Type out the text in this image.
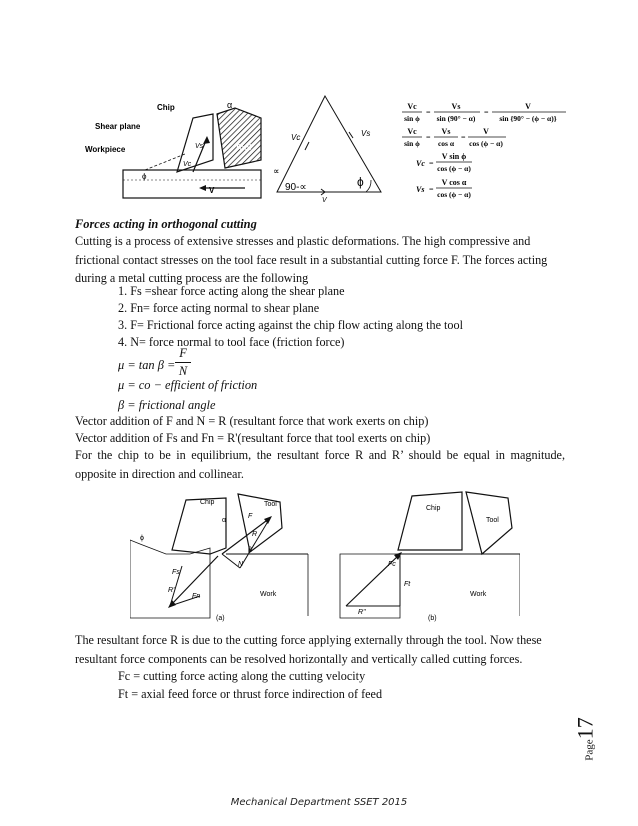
Chip
Shear plane
Workpiece
α
Tool
ϕ
V
Vs
Vc
Vc	Vs
V
∝
90-∝	ϕ
Vc
sin ϕ
=
Vs
sin (90° − α)
=
V
sin {90° − (ϕ − α)}
Vc
sin ϕ
=
Vs
cos α
=
V
cos (ϕ − α)
Vc =
V sin ϕ
cos (ϕ − α)
Vs =
V cos α
cos (ϕ − α)
Forces acting in orthogonal cutting
Cutting is a process of extensive stresses and plastic deformations. The high compressive and frictional contact stresses on the tool face result in a substantial cutting force F. The forces acting during a metal cutting process are the following
1. Fs =shear force acting along the shear plane
2. Fn= force acting normal to shear plane
3. F= Frictional force acting against the chip flow acting along the tool
4. N= force normal to tool face (friction force)
μ = tan β =
F
N
μ = co − efficient of friction
β = frictional angle
Vector addition of F and N = R (resultant force that work exerts on chip)
Vector addition of Fs and Fn = R'(resultant force that tool exerts on chip)
For the chip to be in equilibrium, the resultant force R and R’ should be equal in magnitude, opposite in direction and collinear.
Chip	Tool
Work
(a)
α
ϕ
F
R
β
N
Fs
Fn
R'
Chip
Tool
Work
(b)
Fc
Ft
R''
The resultant force R is due to the cutting force applying externally through the tool. Now these resultant force components can be resolved horizontally and vertically called cutting forces.
Fc = cutting force acting along the cutting velocity
Ft = axial feed force or thrust force indirection of feed
Page17
Mechanical Department SSET 2015
